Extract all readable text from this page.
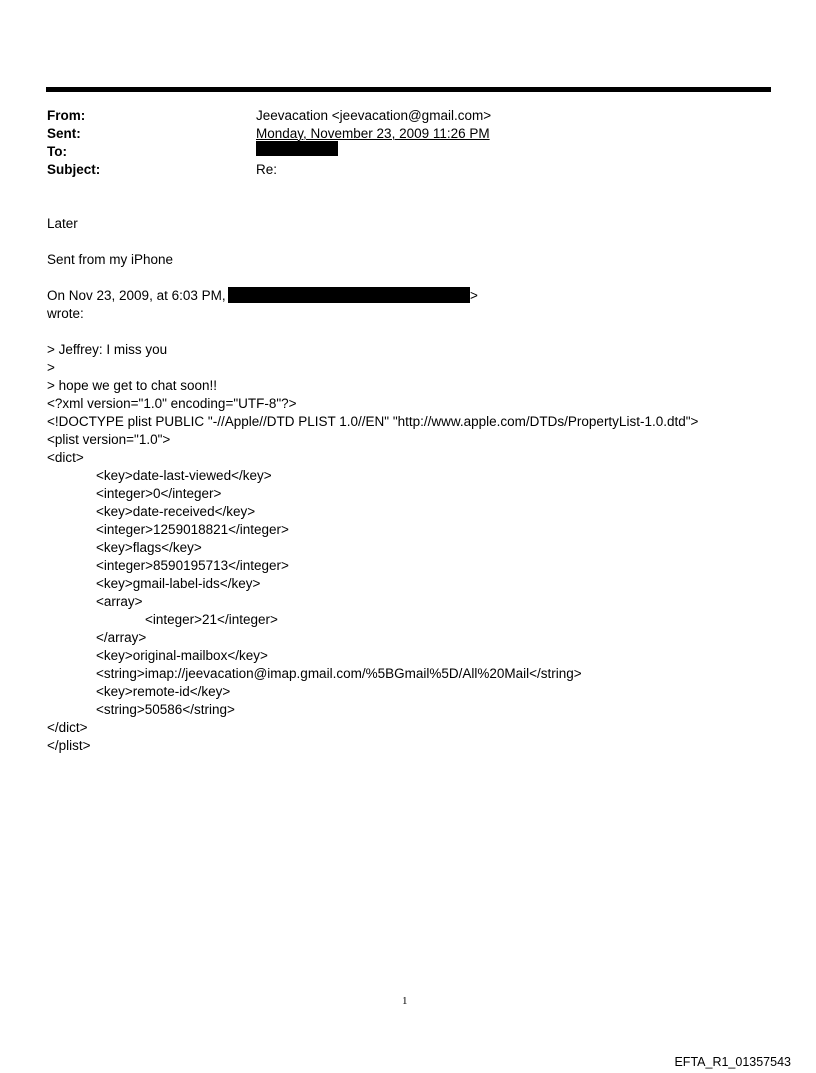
From:	Jeevacation <jeevacation@gmail.com>
Sent:	Monday, November 23, 2009 11:26 PM
To:
Subject:	Re:
Later
Sent from my iPhone
On Nov 23, 2009, at 6:03 PM,	>
wrote:
> Jeffrey: I miss you
>
> hope we get to chat soon!!
<?xml version="1.0" encoding="UTF-8"?>
<!DOCTYPE plist PUBLIC "-//Apple//DTD PLIST 1.0//EN" "http://www.apple.com/DTDs/PropertyList-1.0.dtd">
<plist version="1.0">
<dict>
<key>date-last-viewed</key>
<integer>0</integer>
<key>date-received</key>
<integer>1259018821</integer>
<key>flags</key>
<integer>8590195713</integer>
<key>gmail-label-ids</key>
<array>
<integer>21</integer>
</array>
<key>original-mailbox</key>
<string>imap://jeevacation@imap.gmail.com/%5BGmail%5D/All%20Mail</string>
<key>remote-id</key>
<string>50586</string>
</dict>
</plist>
1
EFTA_R1_01357543
